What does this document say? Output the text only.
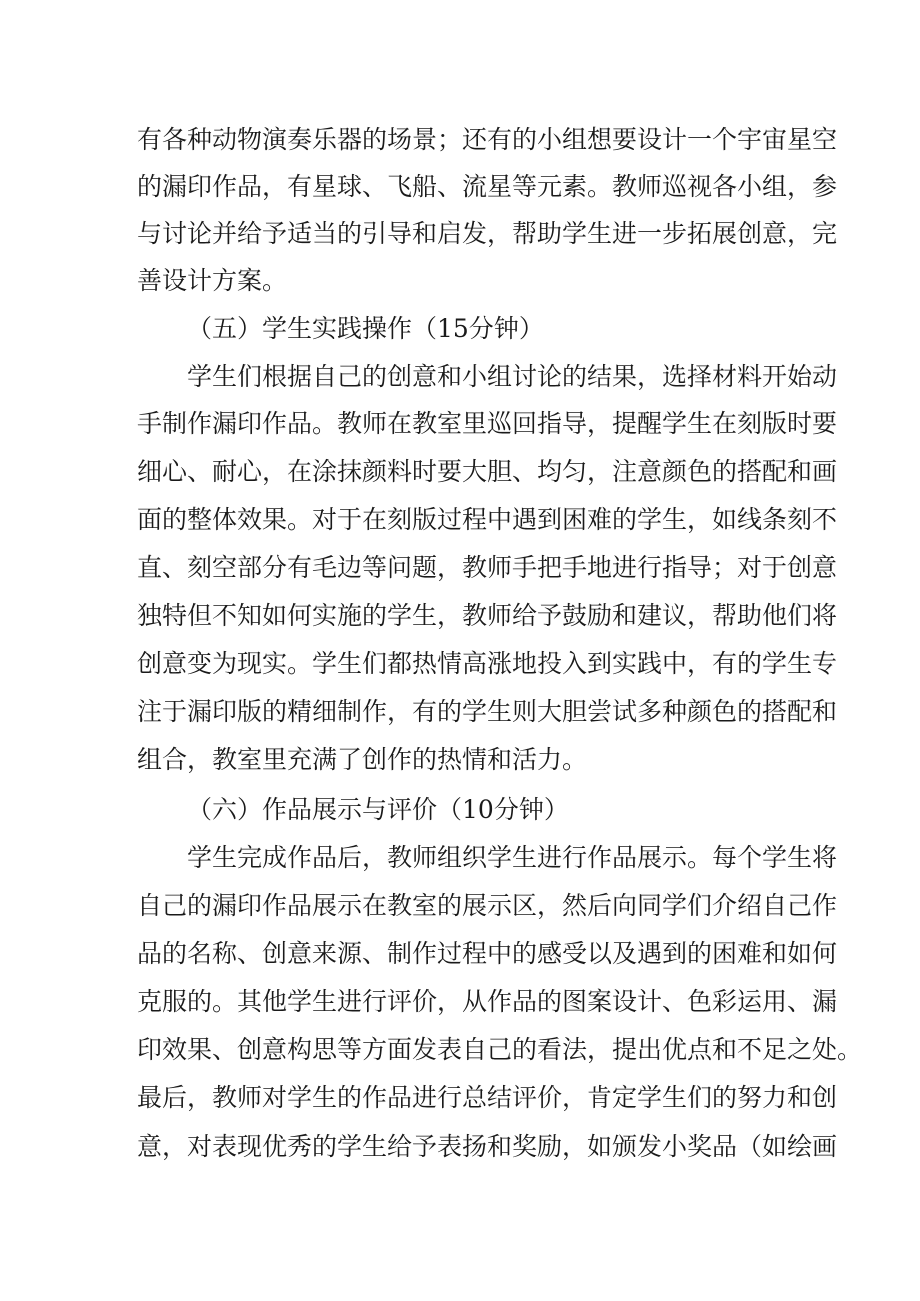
有各种动物演奏乐器的场景；还有的小组想要设计一个宇宙星空
的漏印作品，有星球、飞船、流星等元素。教师巡视各小组，参
与讨论并给予适当的引导和启发，帮助学生进一步拓展创意，完
善设计方案。
（五）学生实践操作（15分钟）
学生们根据自己的创意和小组讨论的结果，选择材料开始动
手制作漏印作品。教师在教室里巡回指导，提醒学生在刻版时要
细心、耐心，在涂抹颜料时要大胆、均匀，注意颜色的搭配和画
面的整体效果。对于在刻版过程中遇到困难的学生，如线条刻不
直、刻空部分有毛边等问题，教师手把手地进行指导；对于创意
独特但不知如何实施的学生，教师给予鼓励和建议，帮助他们将
创意变为现实。学生们都热情高涨地投入到实践中，有的学生专
注于漏印版的精细制作，有的学生则大胆尝试多种颜色的搭配和
组合，教室里充满了创作的热情和活力。
（六）作品展示与评价（10分钟）
学生完成作品后，教师组织学生进行作品展示。每个学生将
自己的漏印作品展示在教室的展示区，然后向同学们介绍自己作
品的名称、创意来源、制作过程中的感受以及遇到的困难和如何
克服的。其他学生进行评价，从作品的图案设计、色彩运用、漏
印效果、创意构思等方面发表自己的看法，提出优点和不足之处。
最后，教师对学生的作品进行总结评价，肯定学生们的努力和创
意，对表现优秀的学生给予表扬和奖励，如颁发小奖品（如绘画
